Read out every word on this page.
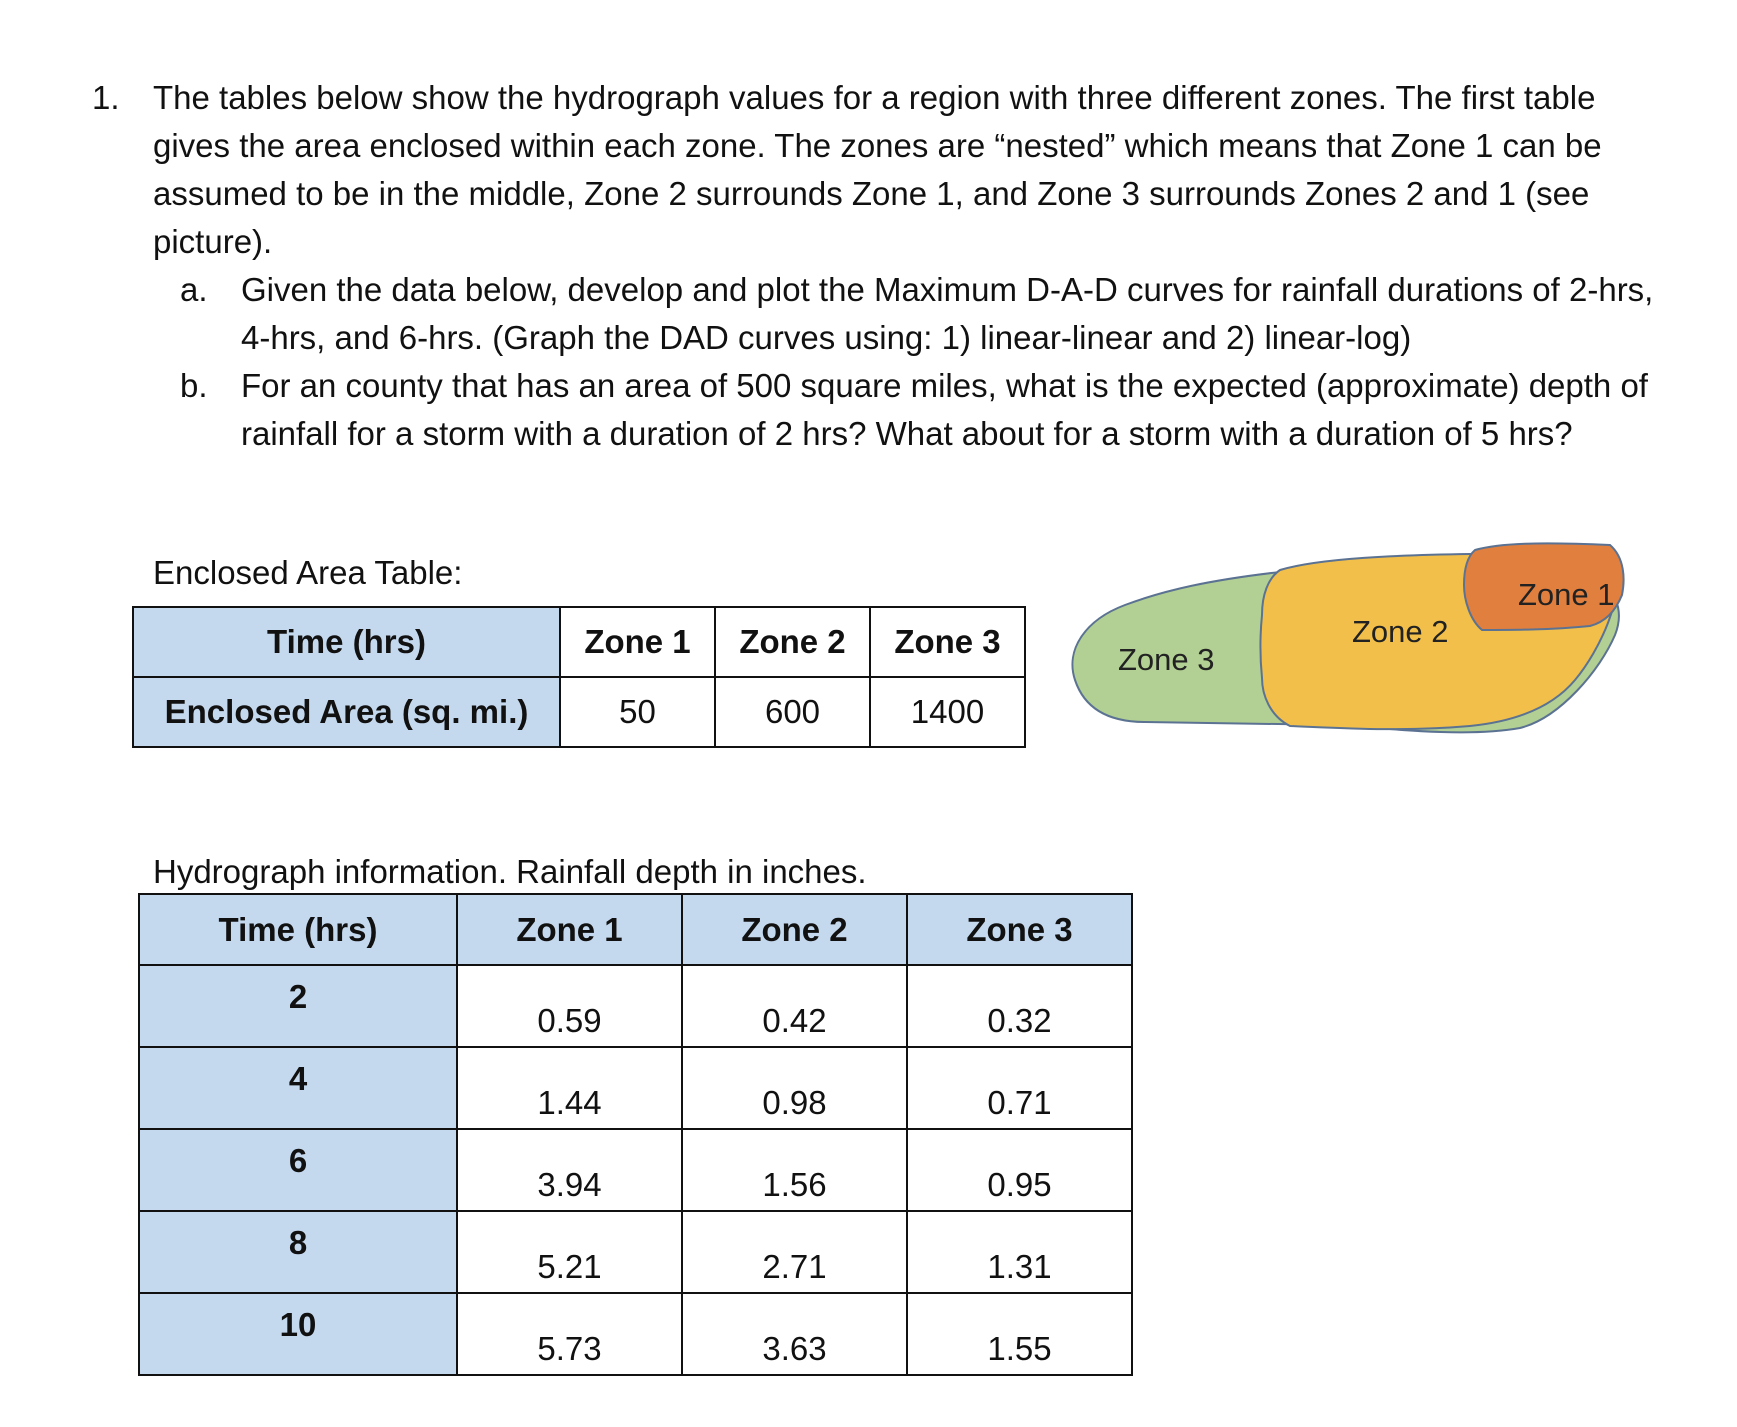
1. The tables below show the hydrograph values for a region with three different zones. The first table gives the area enclosed within each zone. The zones are “nested” which means that Zone 1 can be assumed to be in the middle, Zone 2 surrounds Zone 1, and Zone 3 surrounds Zones 2 and 1 (see picture).
a. Given the data below, develop and plot the Maximum D-A-D curves for rainfall durations of 2-hrs, 4-hrs, and 6-hrs. (Graph the DAD curves using: 1) linear-linear and 2) linear-log)
b. For an county that has an area of 500 square miles, what is the expected (approximate) depth of rainfall for a storm with a duration of 2 hrs? What about for a storm with a duration of 5 hrs?
Enclosed Area Table:
Time (hrs)	Zone 1	Zone 2	Zone 3
Enclosed Area (sq. mi.)	50	600	1400
Zone 3
Zone 2
Zone 1
Hydrograph information. Rainfall depth in inches.
Time (hrs)	Zone 1	Zone 2	Zone 3
2	0.59	0.42	0.32
4	1.44	0.98	0.71
6	3.94	1.56	0.95
8	5.21	2.71	1.31
10	5.73	3.63	1.55
